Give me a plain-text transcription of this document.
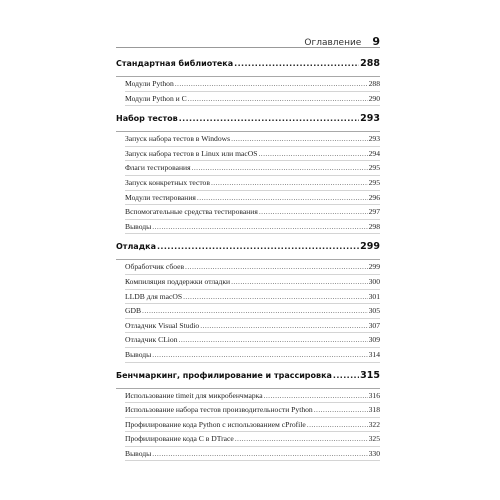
Оглавление 9
Стандартная библиотека .....	288
Модули Python .....	288
Модули Python и C .....	290
Набор тестов .....	293
Запуск набора тестов в Windows .....	293
Запуск набора тестов в Linux или macOS .....	294
Флаги тестирования .....	295
Запуск конкретных тестов .....	295
Модули тестирования .....	296
Вспомогательные средства тестирования .....	297
Выводы .....	298
Отладка .....	299
Обработчик сбоев .....	299
Компиляция поддержки отладки .....	300
LLDB для macOS .....	301
GDB .....	305
Отладчик Visual Studio .....	307
Отладчик CLion .....	309
Выводы .....	314
Бенчмаркинг, профилирование и трассировка .....	315
Использование timeit для микробенчмарка .....	316
Использование набора тестов производительности Python .....	318
Профилирование кода Python с использованием cProfile .....	322
Профилирование кода C в DTrace .....	325
Выводы .....	330
